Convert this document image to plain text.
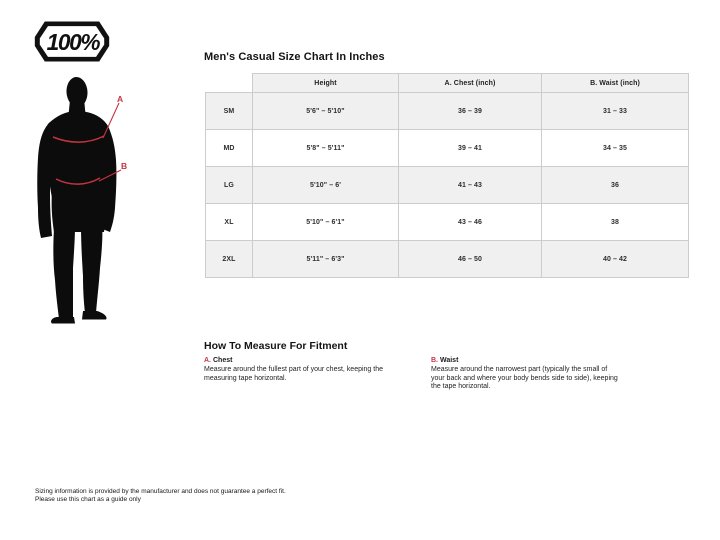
100%
A
B
Men's Casual Size Chart In Inches
	Height	A. Chest (inch)	B. Waist (inch)
SM	5'6" – 5'10"	36 – 39	31 – 33
MD	5'8" – 5'11"	39 – 41	34 – 35
LG	5'10" – 6'	41 – 43	36
XL	5'10" – 6'1"	43 – 46	38
2XL	5'11" – 6'3"	46 – 50	40 – 42
How To Measure For Fitment
A. Chest
Measure around the fullest part of your chest, keeping the
measuring tape horizontal.
B. Waist
Measure around the narrowest part (typically the small of
your back and where your body bends side to side), keeping
the tape horizontal.
Sizing information is provided by the manufacturer and does not guarantee a perfect fit.
Please use this chart as a guide only
